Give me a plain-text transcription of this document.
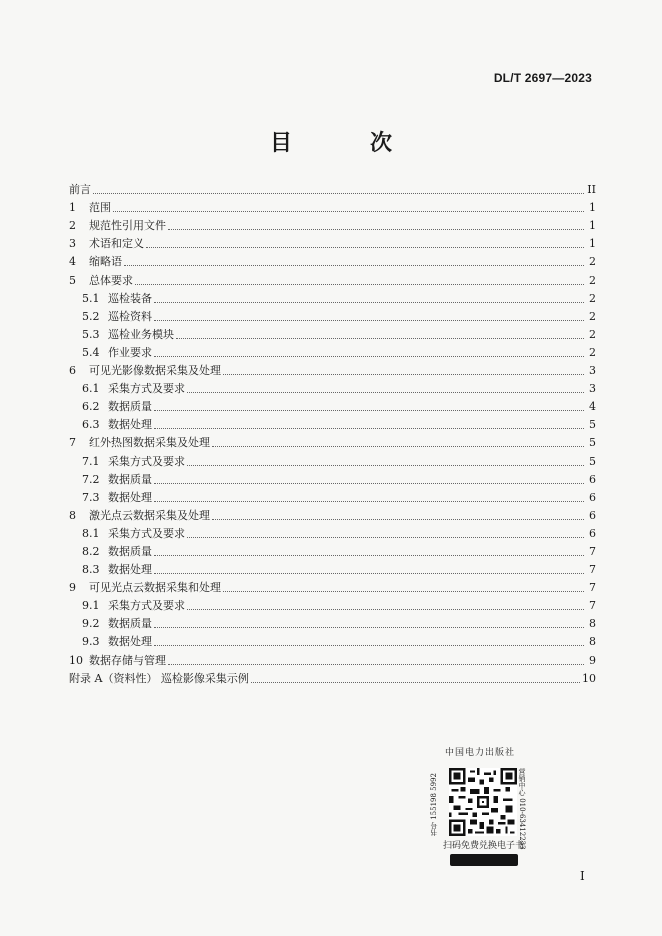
DL/T 2697—2023
目　次
前言	II
1	范围	1
2	规范性引用文件	1
3	术语和定义	1
4	缩略语	2
5	总体要求	2
5.1 巡检装备	2
5.2 巡检资料	2
5.3 巡检业务模块	2
5.4 作业要求	2
6	可见光影像数据采集及处理	3
6.1 采集方式及要求	3
6.2 数据质量	4
6.3 数据处理	5
7	红外热图数据采集及处理	5
7.1 采集方式及要求	5
7.2 数据质量	6
7.3 数据处理	6
8	激光点云数据采集及处理	6
8.1 采集方式及要求	6
8.2 数据质量	7
8.3 数据处理	7
9	可见光点云数据采集和处理	7
9.1 采集方式及要求	7
9.2 数据质量	8
9.3 数据处理	8
10 数据存储与管理	9
附录 A（资料性） 巡检影像采集示例	10
中国电力出版社
书号 155198 5992	营销中心 010-63412233
扫码免费兑换电子书
I
